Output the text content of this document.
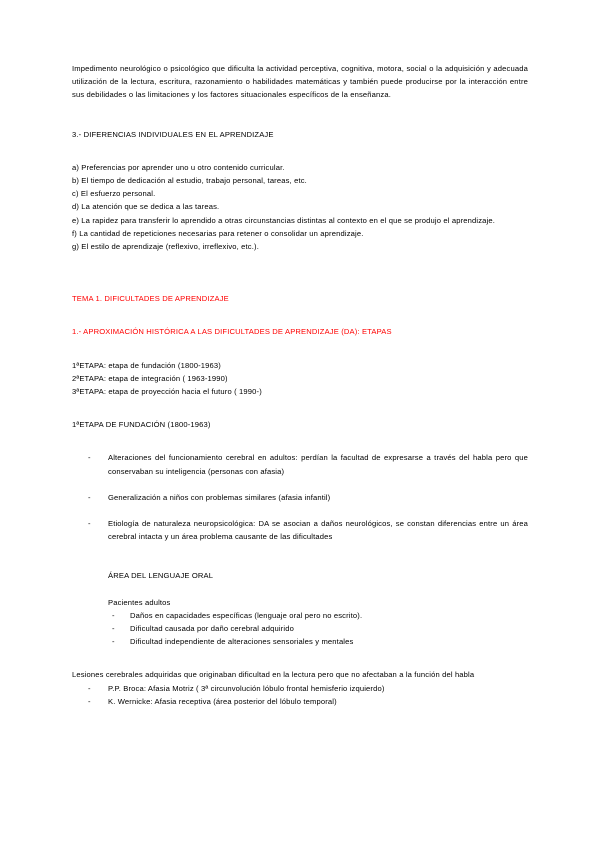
Impedimento neurológico o psicológico que dificulta la actividad perceptiva, cognitiva, motora, social o la adquisición y adecuada utilización de la lectura, escritura, razonamiento o habilidades matemáticas y también puede producirse por la interacción entre sus debilidades o las limitaciones y los factores situacionales específicos de la enseñanza.

3.- DIFERENCIAS INDIVIDUALES EN EL APRENDIZAJE

a) Preferencias por aprender uno u otro contenido curricular.

b) El tiempo de dedicación al estudio, trabajo personal, tareas, etc.

c) El esfuerzo personal.

d) La atención que se dedica a las tareas.

e) La rapidez para transferir lo aprendido a otras circunstancias distintas al contexto en el que se produjo el aprendizaje.

f) La cantidad de repeticiones necesarias para retener o consolidar un aprendizaje.

g) El estilo de aprendizaje (reflexivo, irreflexivo, etc.).

TEMA 1. DIFICULTADES DE APRENDIZAJE

1.- APROXIMACIÓN HISTÓRICA A LAS DIFICULTADES DE APRENDIZAJE (DA): ETAPAS

1ªETAPA: etapa de fundación (1800-1963)

2ªETAPA: etapa de integración ( 1963-1990)

3ªETAPA: etapa de proyección hacia el futuro ( 1990-)

1ªETAPA DE FUNDACIÓN (1800-1963)

- Alteraciones del funcionamiento cerebral en adultos: perdían la facultad de expresarse a través del habla pero que conservaban su inteligencia (personas con afasia)

- Generalización a niños con problemas similares (afasia infantil)

- Etiología de naturaleza neuropsicológica: DA se asocian a daños neurológicos, se constan diferencias entre un área cerebral intacta y un área problema causante de las dificultades

ÁREA DEL LENGUAJE ORAL

Pacientes adultos

- Daños en capacidades específicas (lenguaje oral pero no escrito).

- Dificultad causada por daño cerebral adquirido

- Dificultad independiente de alteraciones sensoriales y mentales

Lesiones cerebrales adquiridas que originaban dificultad en la lectura pero que no afectaban a la función del habla

- P.P. Broca: Afasia Motriz ( 3ª circunvolución lóbulo frontal hemisferio izquierdo)

- K. Wernicke: Afasia receptiva (área posterior del lóbulo temporal)
